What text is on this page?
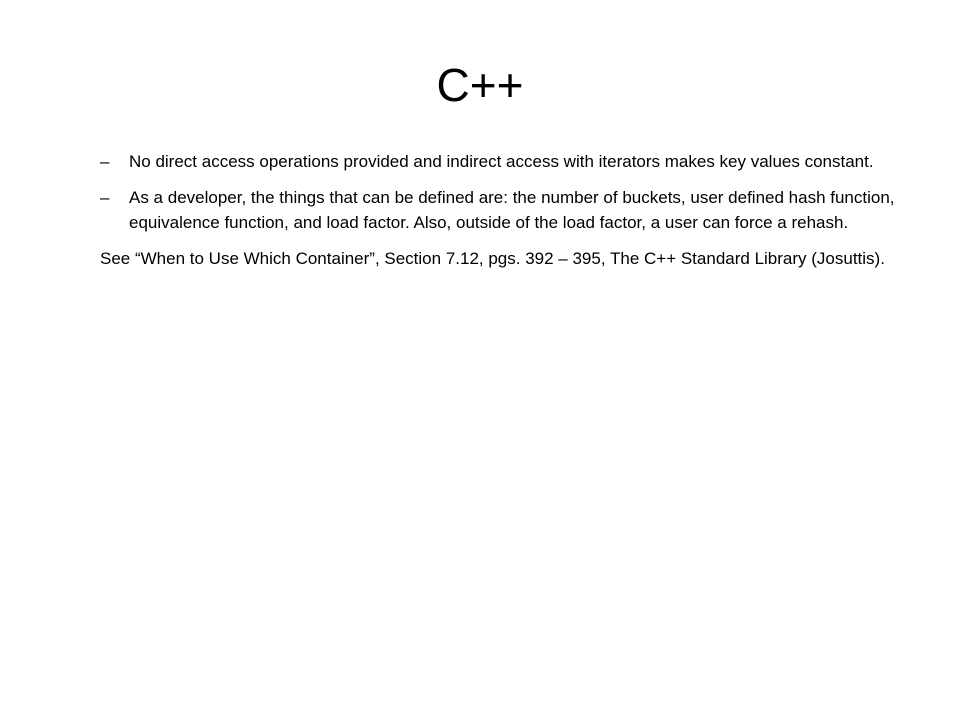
C++
– No direct access operations provided and indirect access with iterators makes key values constant.
– As a developer, the things that can be defined are: the number of buckets, user defined hash function, equivalence function, and load factor. Also, outside of the load factor, a user can force a rehash.

See “When to Use Which Container”, Section 7.12, pgs. 392 – 395, The C++ Standard Library (Josuttis).
